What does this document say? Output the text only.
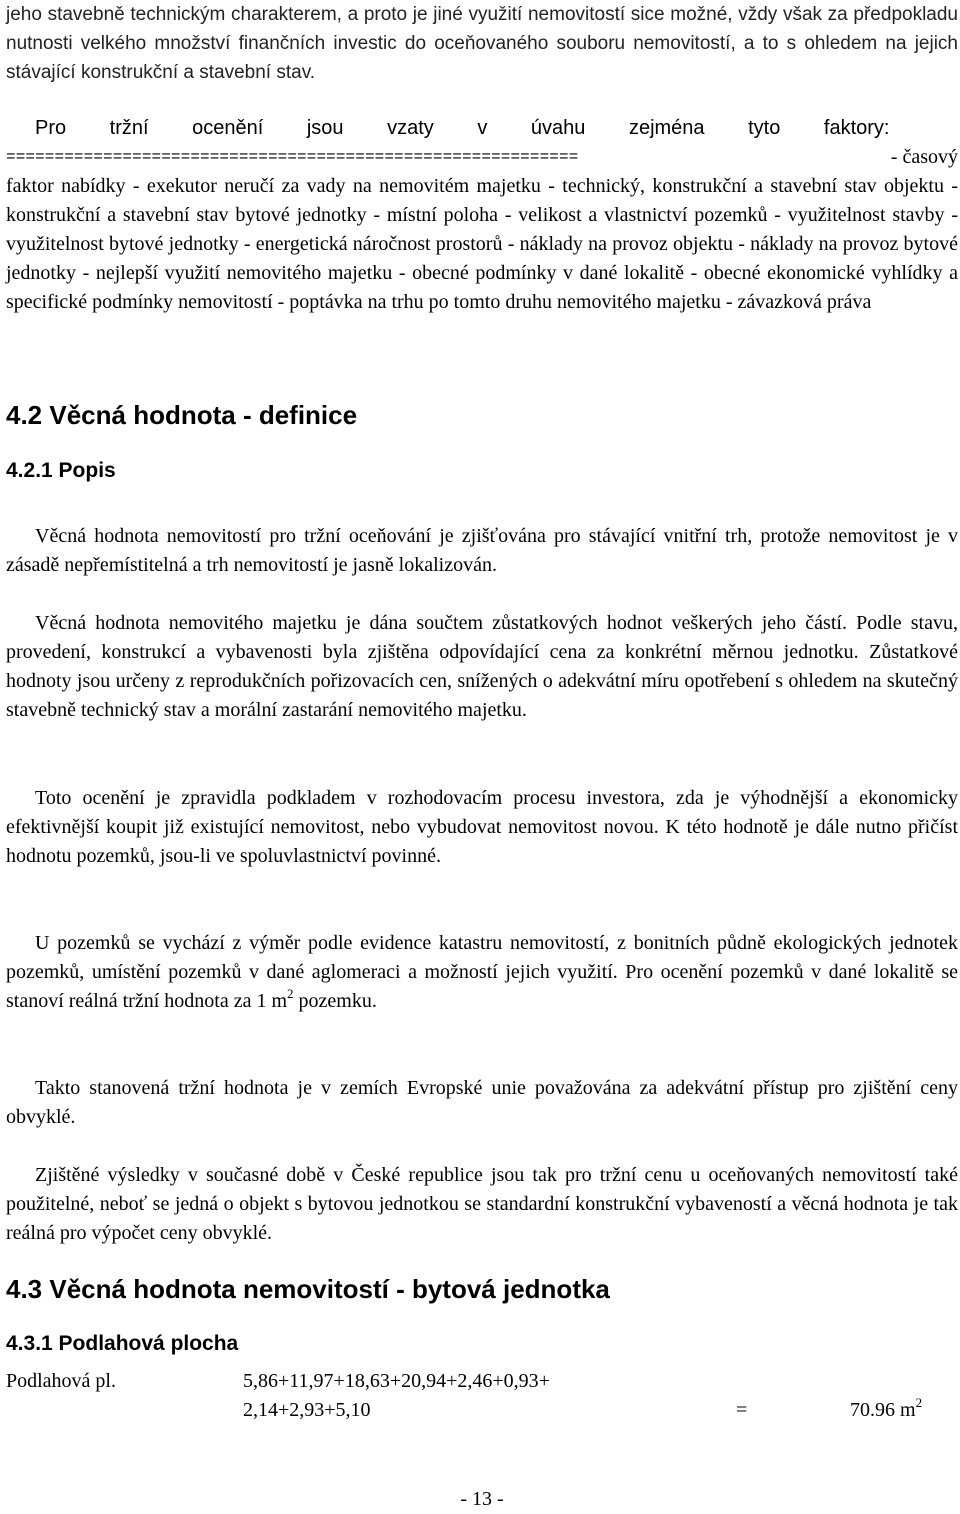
jeho stavebně technickým charakterem, a proto je jiné využití nemovitostí sice možné, vždy však za předpokladu nutnosti velkého množství finančních investic do oceňovaného souboru nemovitostí, a to s ohledem na jejich stávající konstrukční a stavební stav.

Pro tržní ocenění jsou vzaty v úvahu zejména tyto faktory:
===========================================================	- časový
faktor nabídky - exekutor neručí za vady na nemovitém majetku - technický, konstrukční a stavební stav objektu - konstrukční a stavební stav bytové jednotky - místní poloha - velikost a vlastnictví pozemků - využitelnost stavby - využitelnost bytové jednotky - energetická náročnost prostorů - náklady na provoz objektu - náklady na provoz bytové jednotky - nejlepší využití nemovitého majetku - obecné podmínky v dané lokalitě - obecné ekonomické vyhlídky a specifické podmínky nemovitostí - poptávka na trhu po tomto druhu nemovitého majetku - závazková práva
4.2 Věcná hodnota - definice
4.2.1 Popis

Věcná hodnota nemovitostí pro tržní oceňování je zjišťována pro stávající vnitřní trh, protože nemovitost je v zásadě nepřemístitelná a trh nemovitostí je jasně lokalizován.

Věcná hodnota nemovitého majetku je dána součtem zůstatkových hodnot veškerých jeho částí. Podle stavu, provedení, konstrukcí a vybavenosti byla zjištěna odpovídající cena za konkrétní měrnou jednotku. Zůstatkové hodnoty jsou určeny z reprodukčních pořizovacích cen, snížených o adekvátní míru opotřebení s ohledem na skutečný stavebně technický stav a morální zastarání nemovitého majetku.

Toto ocenění je zpravidla podkladem v rozhodovacím procesu investora, zda je výhodnější a ekonomicky efektivnější koupit již existující nemovitost, nebo vybudovat nemovitost novou. K této hodnotě je dále nutno přičíst hodnotu pozemků, jsou-li ve spoluvlastnictví povinné.

U pozemků se vychází z výměr podle evidence katastru nemovitostí, z bonitních půdně ekologických jednotek pozemků, umístění pozemků v dané aglomeraci a možností jejich využití. Pro ocenění pozemků v dané lokalitě se stanoví reálná tržní hodnota za 1 $m^2$ pozemku.

Takto stanovená tržní hodnota je v zemích Evropské unie považována za adekvátní přístup pro zjištění ceny obvyklé.

Zjištěné výsledky v současné době v České republice jsou tak pro tržní cenu u oceňovaných nemovitostí také použitelné, neboť se jedná o objekt s bytovou jednotkou se standardní konstrukční vybaveností a věcná hodnota je tak reálná pro výpočet ceny obvyklé.

4.3 Věcná hodnota nemovitostí - bytová jednotka
4.3.1 Podlahová plocha
Podlahová pl.	5,86+11,97+18,63+20,94+2,46+0,93+
2,14+2,93+5,10	=	70.96 $m^2$
- 13 -
